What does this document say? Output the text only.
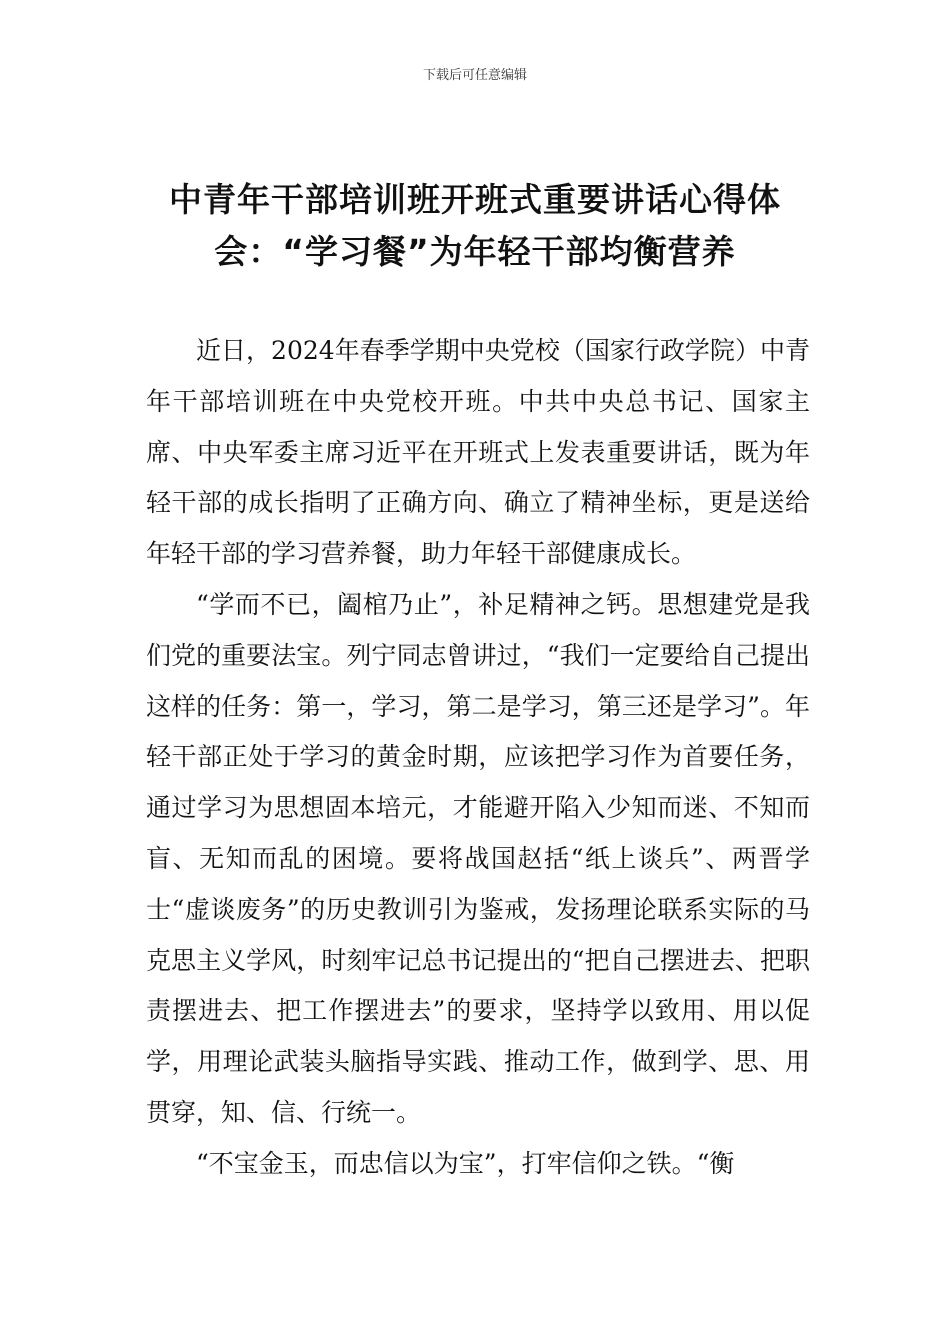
下载后可任意编辑
中青年干部培训班开班式重要讲话心得体
会：“学习餐”为年轻干部均衡营养

近日，2024年春季学期中央党校（国家行政学院）中青年干部培训班在中央党校开班。中共中央总书记、国家主席、中央军委主席习近平在开班式上发表重要讲话，既为年轻干部的成长指明了正确方向、确立了精神坐标，更是送给年轻干部的学习营养餐，助力年轻干部健康成长。

“学而不已，阖棺乃止”，补足精神之钙。思想建党是我们党的重要法宝。列宁同志曾讲过，“我们一定要给自己提出这样的任务：第一，学习，第二是学习，第三还是学习”。年轻干部正处于学习的黄金时期，应该把学习作为首要任务，通过学习为思想固本培元，才能避开陷入少知而迷、不知而盲、无知而乱的困境。要将战国赵括“纸上谈兵”、两晋学士“虚谈废务”的历史教训引为鉴戒，发扬理论联系实际的马克思主义学风，时刻牢记总书记提出的“把自己摆进去、把职责摆进去、把工作摆进去”的要求，坚持学以致用、用以促学，用理论武装头脑指导实践、推动工作，做到学、思、用贯穿，知、信、行统一。

“不宝金玉，而忠信以为宝”，打牢信仰之铁。“衡
